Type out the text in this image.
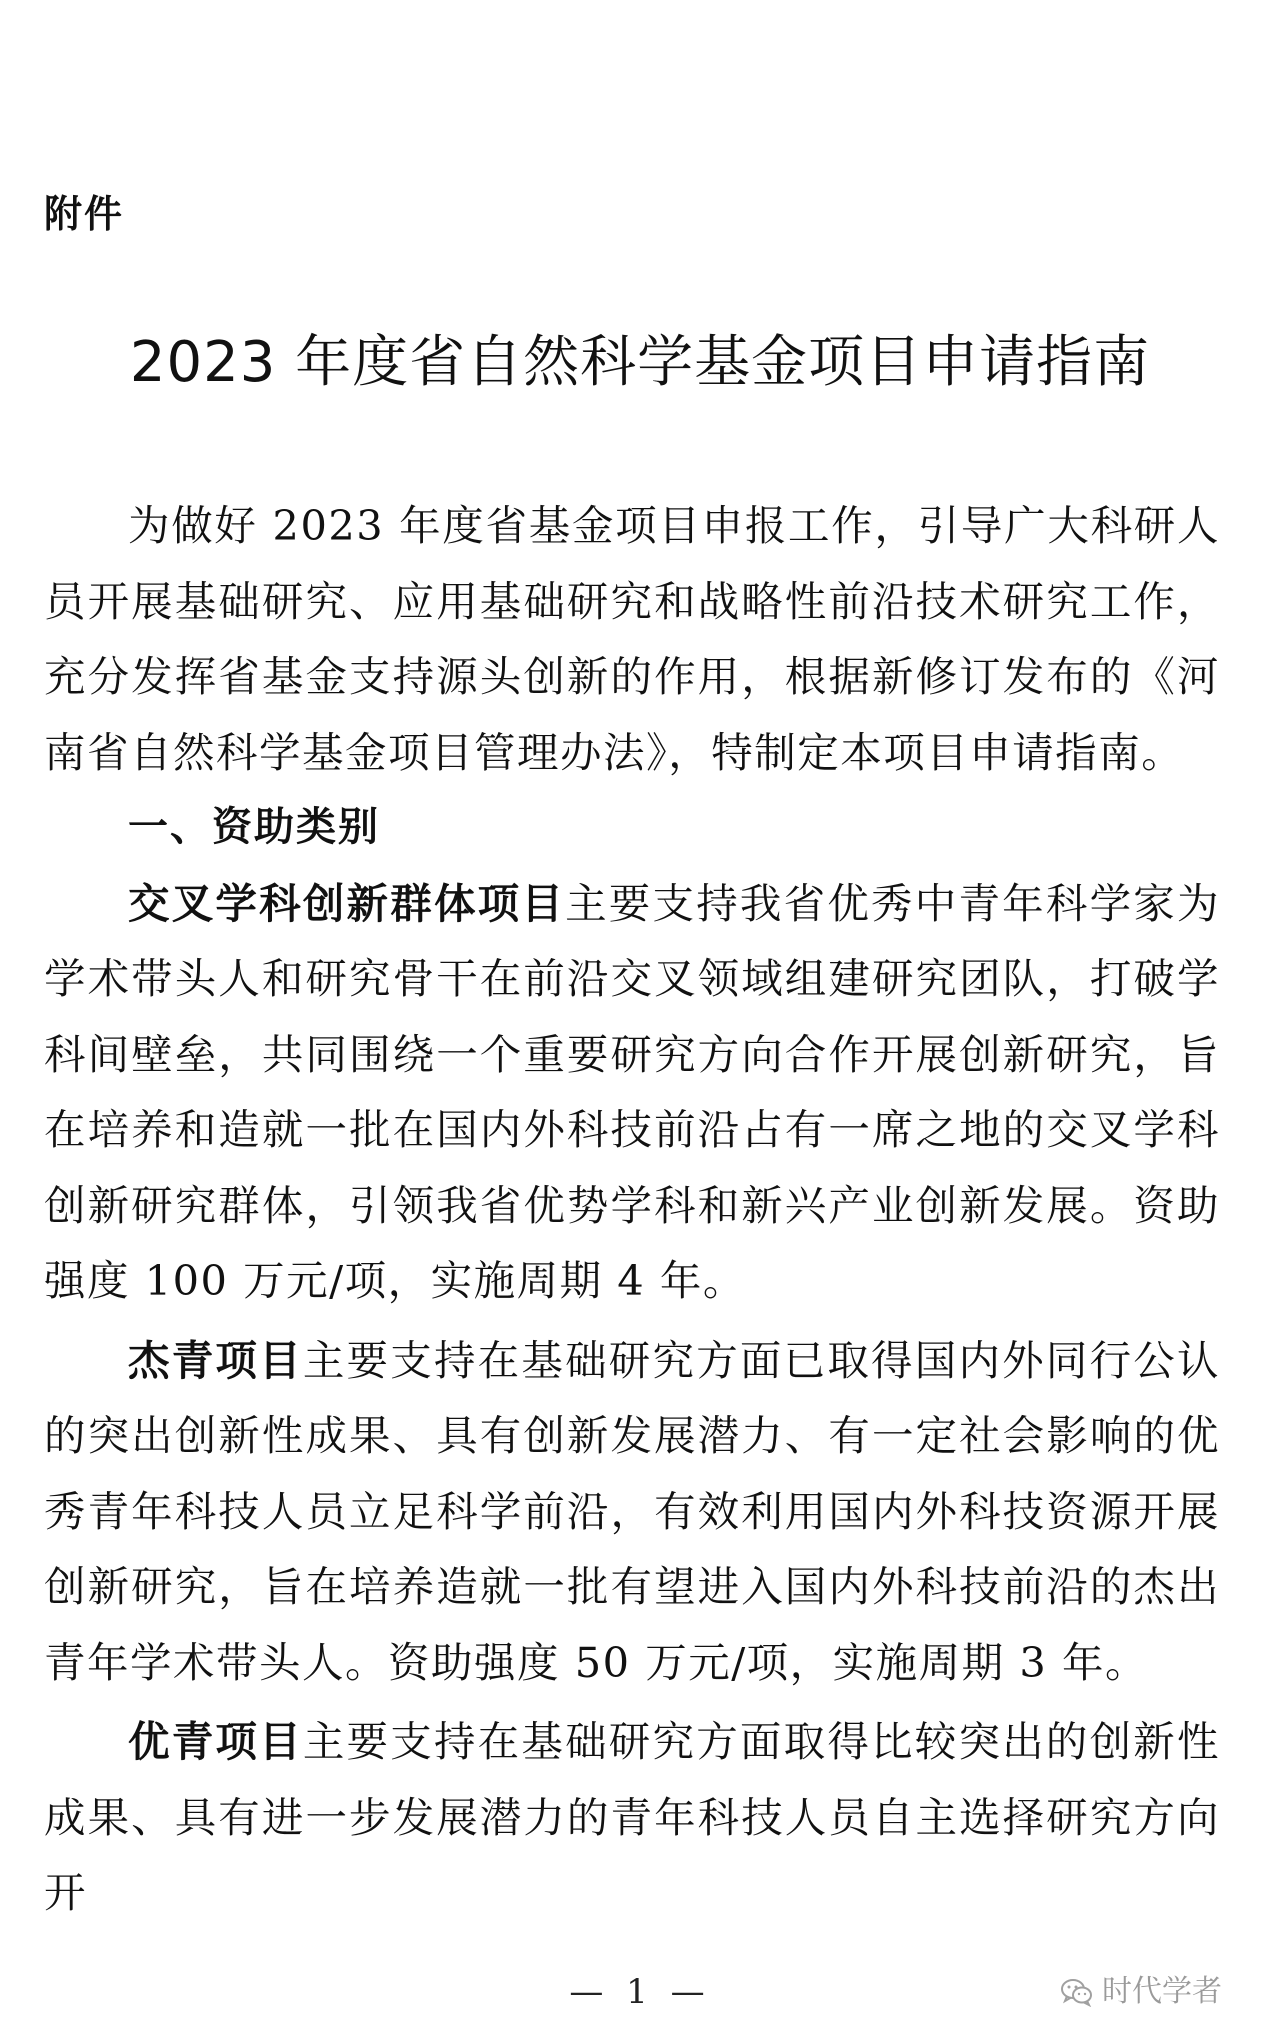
附件
2023 年度省自然科学基金项目申请指南

为做好 2023 年度省基金项目申报工作，引导广大科研人员开展基础研究、应用基础研究和战略性前沿技术研究工作，充分发挥省基金支持源头创新的作用，根据新修订发布的《河南省自然科学基金项目管理办法》，特制定本项目申请指南。

一、资助类别

交叉学科创新群体项目主要支持我省优秀中青年科学家为学术带头人和研究骨干在前沿交叉领域组建研究团队，打破学科间壁垒，共同围绕一个重要研究方向合作开展创新研究，旨在培养和造就一批在国内外科技前沿占有一席之地的交叉学科创新研究群体，引领我省优势学科和新兴产业创新发展。资助强度 100 万元/项，实施周期 4 年。

杰青项目主要支持在基础研究方面已取得国内外同行公认的突出创新性成果、具有创新发展潜力、有一定社会影响的优秀青年科技人员立足科学前沿，有效利用国内外科技资源开展创新研究，旨在培养造就一批有望进入国内外科技前沿的杰出青年学术带头人。资助强度 50 万元/项，实施周期 3 年。

优青项目主要支持在基础研究方面取得比较突出的创新性成果、具有进一步发展潜力的青年科技人员自主选择研究方向开

— 1 —	时代学者
